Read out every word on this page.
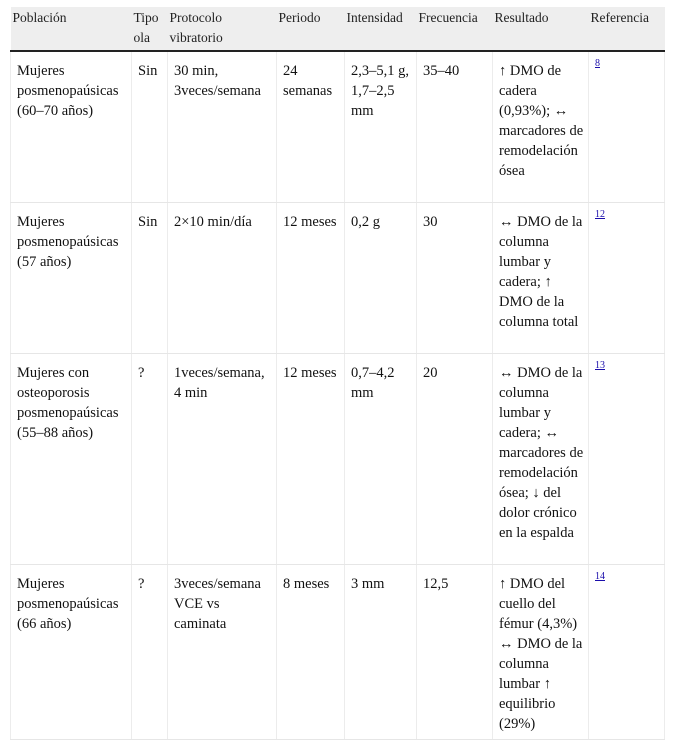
Población	Tipo ola	Protocolo vibratorio	Periodo	Intensidad	Frecuencia	Resultado	Referencia
Mujeres posmenopaúsicas (60–70 años)	Sin	30 min, 3veces/semana	24 semanas	2,3–5,1 g, 1,7–2,5 mm	35–40	↑ DMO de cadera (0,93%); ↔ marcadores de remodelación ósea	$^8$
Mujeres posmenopaúsicas (57 años)	Sin	2×10 min/día	12 meses	0,2 g	30	↔ DMO de la columna lumbar y cadera; ↑ DMO de la columna total	$^{12}$
Mujeres con osteoporosis posmenopaúsicas (55–88 años)	?	1veces/semana, 4 min	12 meses	0,7–4,2 mm	20	↔ DMO de la columna lumbar y cadera; ↔ marcadores de remodelación ósea; ↓ del dolor crónico en la espalda	$^{13}$
Mujeres posmenopaúsicas (66 años)	?	3veces/semana VCE vs caminata	8 meses	3 mm	12,5	↑ DMO del cuello del fémur (4,3%) ↔ DMO de la columna lumbar ↑ equilibrio (29%)	$^{14}$
